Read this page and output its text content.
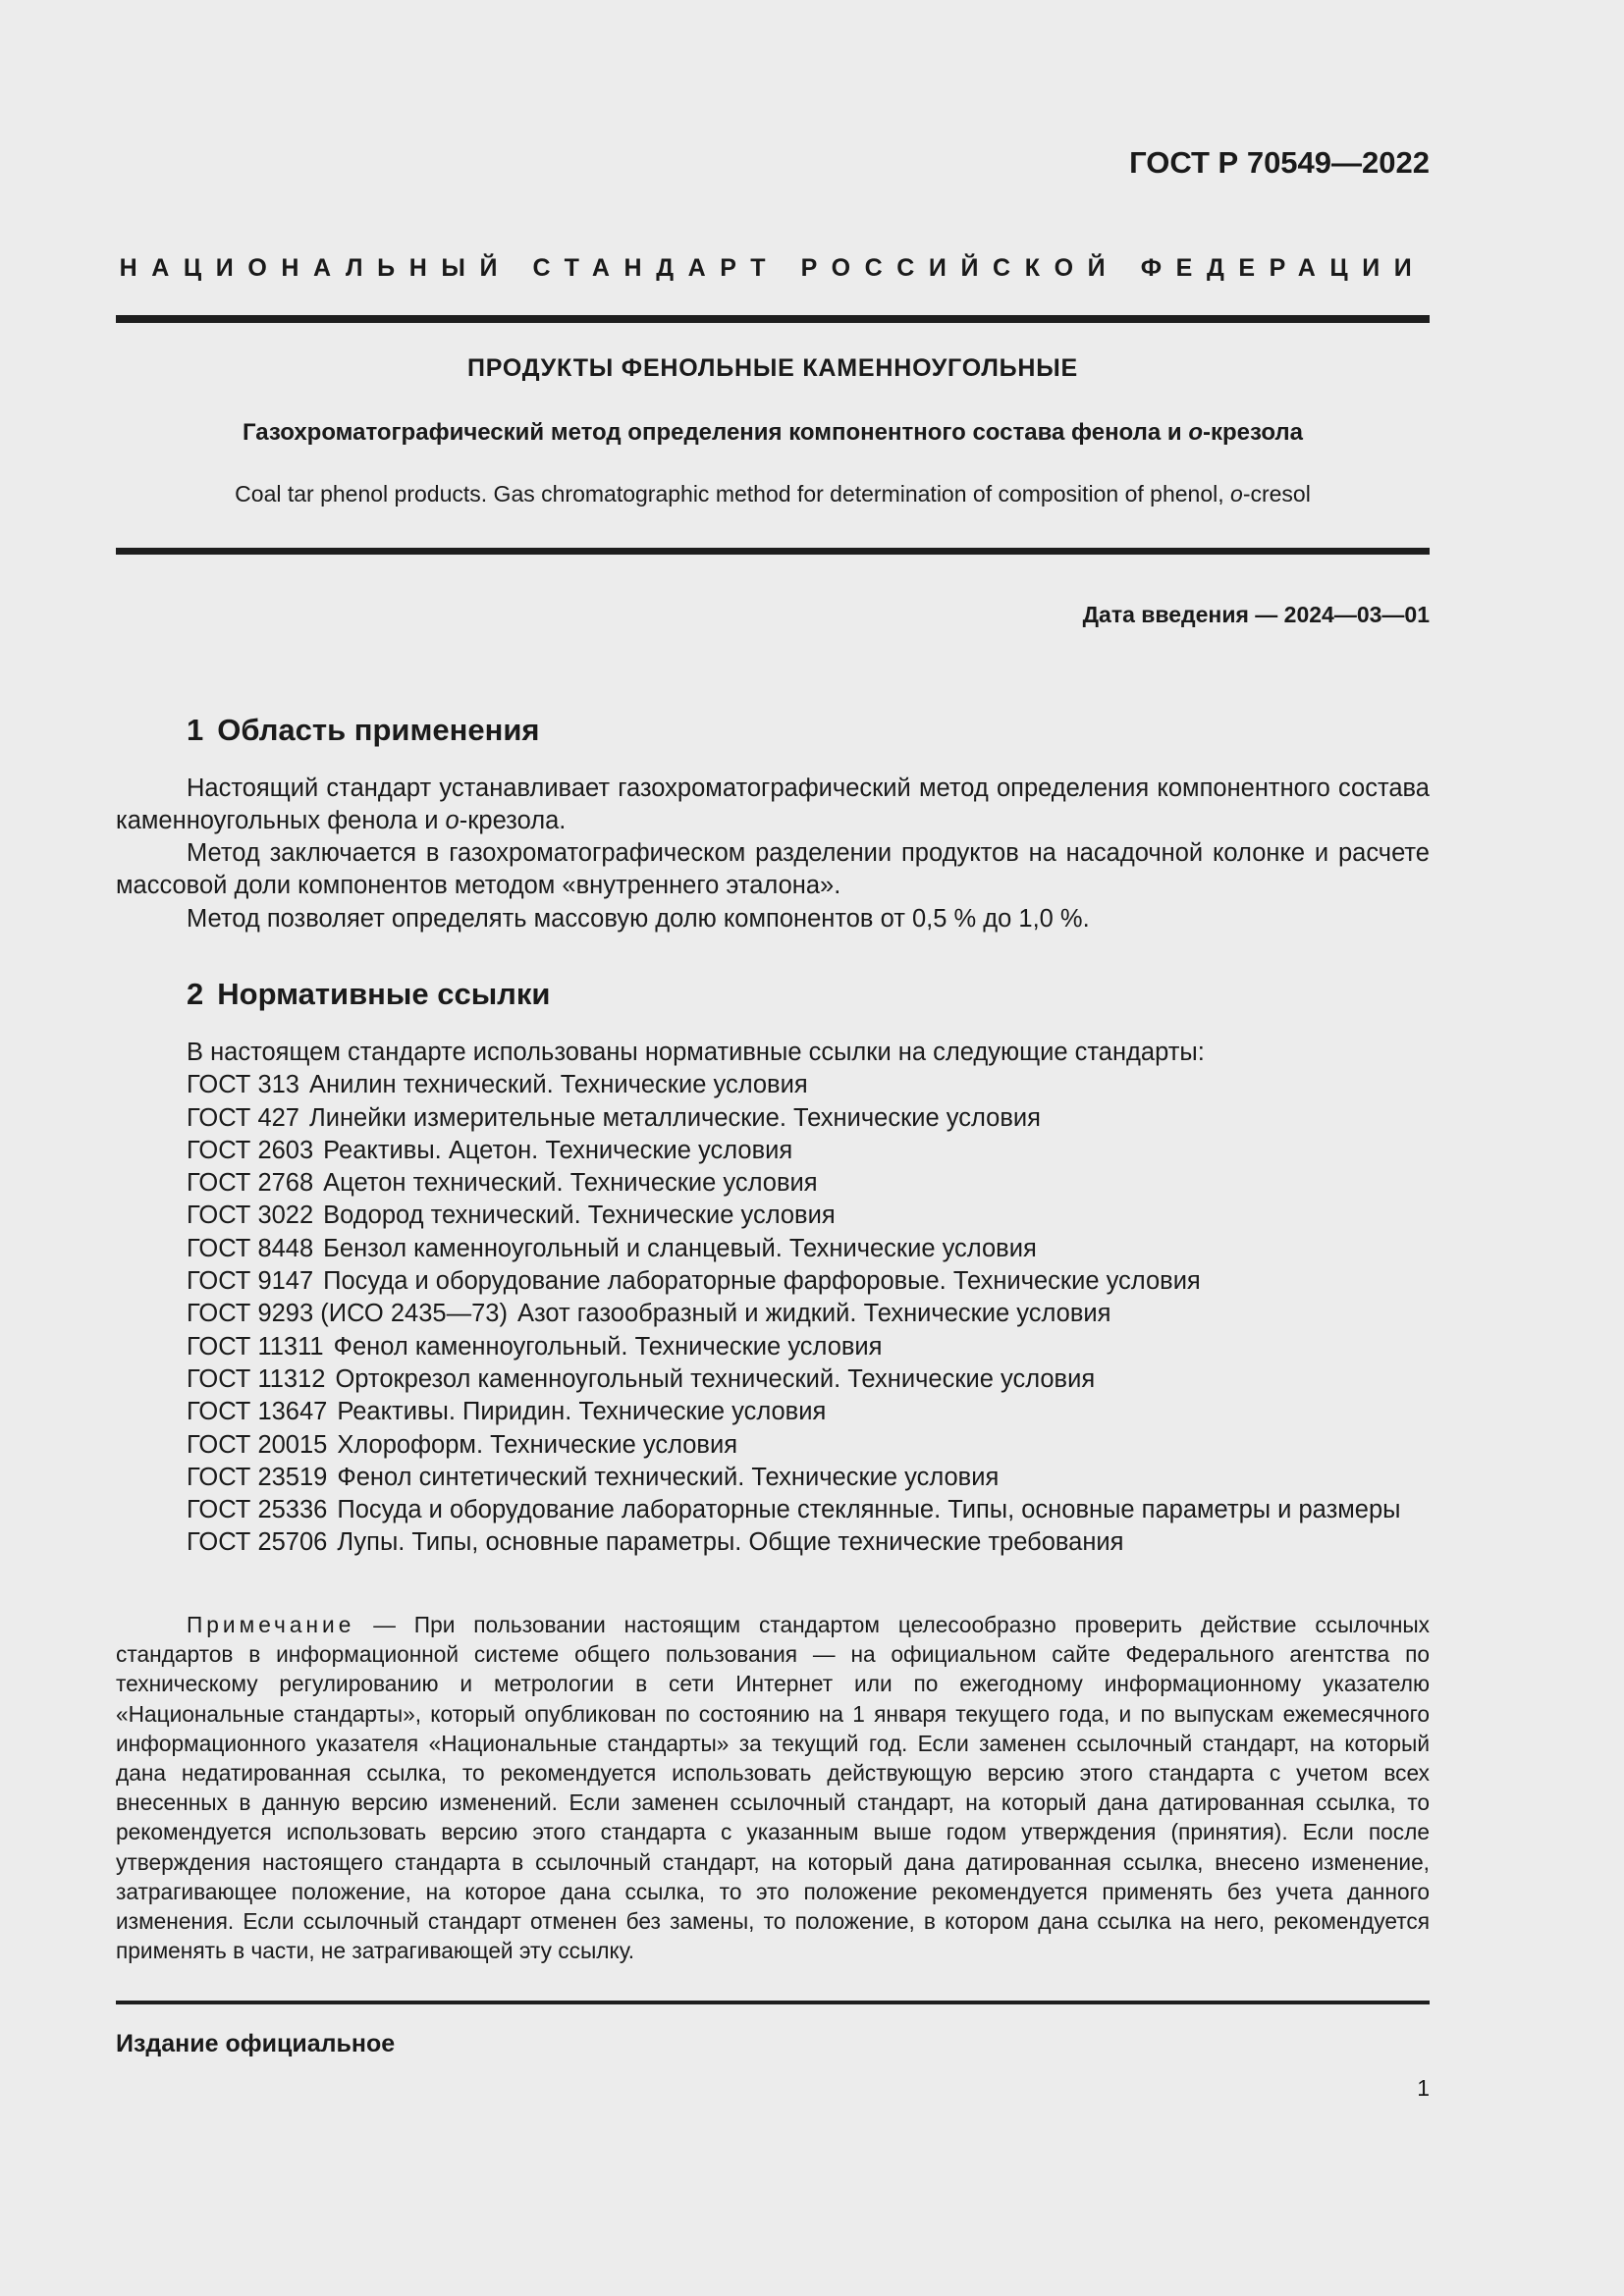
ГОСТ Р 70549—2022
НАЦИОНАЛЬНЫЙ СТАНДАРТ РОССИЙСКОЙ ФЕДЕРАЦИИ
ПРОДУКТЫ ФЕНОЛЬНЫЕ КАМЕННОУГОЛЬНЫЕ
Газохроматографический метод определения компонентного состава фенола и о-крезола
Coal tar phenol products. Gas chromatographic method for determination of composition of phenol, o-cresol
Дата введения — 2024—03—01
1 Область применения
Настоящий стандарт устанавливает газохроматографический метод определения компонентного состава каменноугольных фенола и о-крезола.
Метод заключается в газохроматографическом разделении продуктов на насадочной колонке и расчете массовой доли компонентов методом «внутреннего эталона».
Метод позволяет определять массовую долю компонентов от 0,5 % до 1,0 %.
2 Нормативные ссылки
В настоящем стандарте использованы нормативные ссылки на следующие стандарты:
ГОСТ 313 Анилин технический. Технические условия
ГОСТ 427 Линейки измерительные металлические. Технические условия
ГОСТ 2603 Реактивы. Ацетон. Технические условия
ГОСТ 2768 Ацетон технический. Технические условия
ГОСТ 3022 Водород технический. Технические условия
ГОСТ 8448 Бензол каменноугольный и сланцевый. Технические условия
ГОСТ 9147 Посуда и оборудование лабораторные фарфоровые. Технические условия
ГОСТ 9293 (ИСО 2435—73) Азот газообразный и жидкий. Технические условия
ГОСТ 11311 Фенол каменноугольный. Технические условия
ГОСТ 11312 Ортокрезол каменноугольный технический. Технические условия
ГОСТ 13647 Реактивы. Пиридин. Технические условия
ГОСТ 20015 Хлороформ. Технические условия
ГОСТ 23519 Фенол синтетический технический. Технические условия
ГОСТ 25336 Посуда и оборудование лабораторные стеклянные. Типы, основные параметры и размеры
ГОСТ 25706 Лупы. Типы, основные параметры. Общие технические требования
Примечание — При пользовании настоящим стандартом целесообразно проверить действие ссылочных стандартов в информационной системе общего пользования — на официальном сайте Федерального агентства по техническому регулированию и метрологии в сети Интернет или по ежегодному информационному указателю «Национальные стандарты», который опубликован по состоянию на 1 января текущего года, и по выпускам ежемесячного информационного указателя «Национальные стандарты» за текущий год. Если заменен ссылочный стандарт, на который дана недатированная ссылка, то рекомендуется использовать действующую версию этого стандарта с учетом всех внесенных в данную версию изменений. Если заменен ссылочный стандарт, на который дана датированная ссылка, то рекомендуется использовать версию этого стандарта с указанным выше годом утверждения (принятия). Если после утверждения настоящего стандарта в ссылочный стандарт, на который дана датированная ссылка, внесено изменение, затрагивающее положение, на которое дана ссылка, то это положение рекомендуется применять без учета данного изменения. Если ссылочный стандарт отменен без замены, то положение, в котором дана ссылка на него, рекомендуется применять в части, не затрагивающей эту ссылку.
Издание официальное
1
